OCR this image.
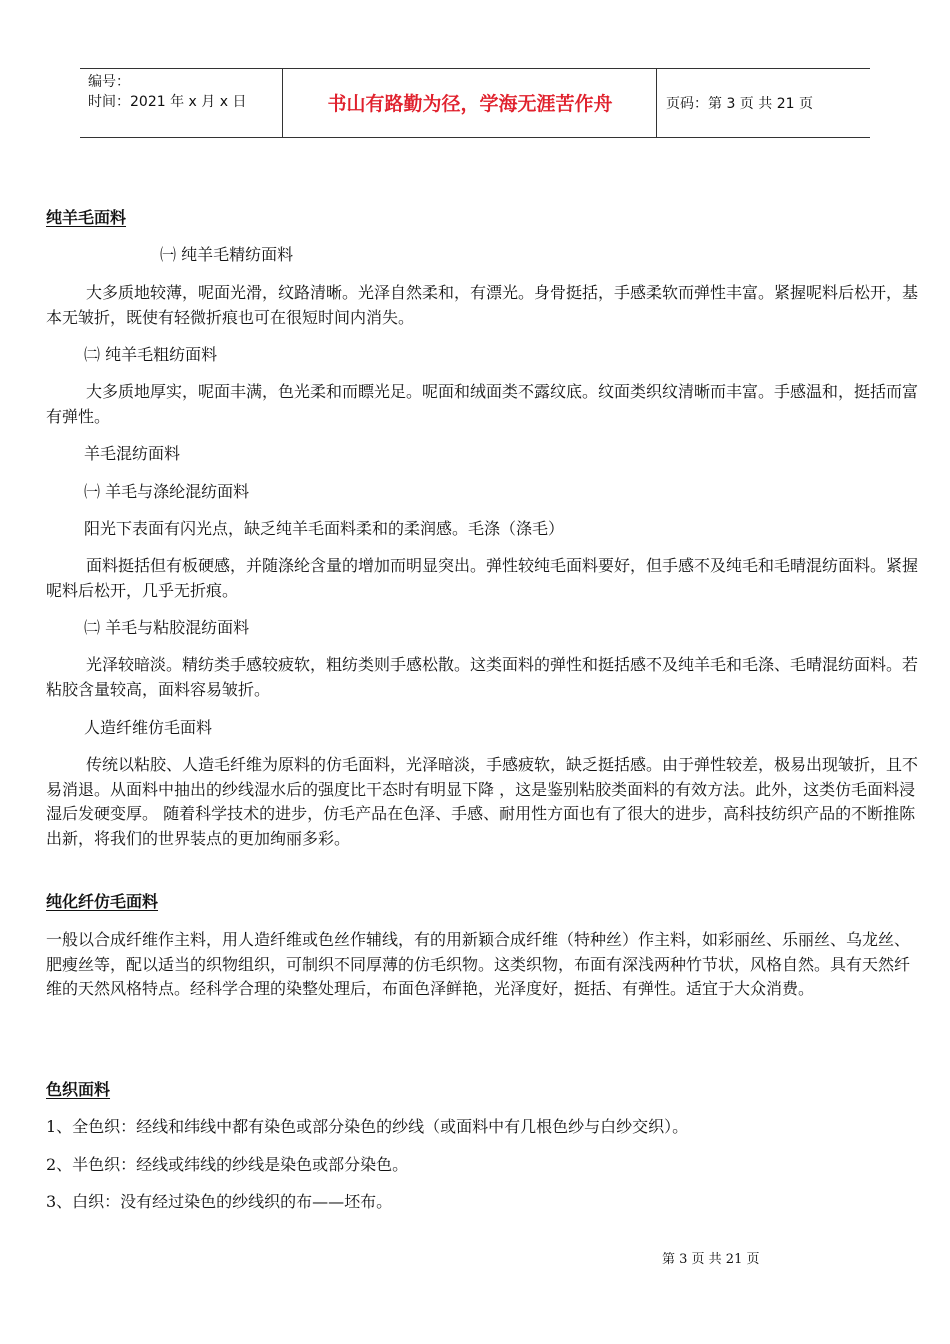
编号：
时间：2021 年 x 月 x 日	书山有路勤为径，学海无涯苦作舟	页码：第 3 页 共 21 页
纯羊毛面料
㈠ 纯羊毛精纺面料
大多质地较薄，呢面光滑，纹路清晰。光泽自然柔和，有漂光。身骨挺括，手感柔软而弹性丰富。紧握呢料后松开，基本无皱折，既使有轻微折痕也可在很短时间内消失。
㈡ 纯羊毛粗纺面料
大多质地厚实，呢面丰满，色光柔和而瞟光足。呢面和绒面类不露纹底。纹面类织纹清晰而丰富。手感温和，挺括而富有弹性。
羊毛混纺面料
㈠ 羊毛与涤纶混纺面料
阳光下表面有闪光点，缺乏纯羊毛面料柔和的柔润感。毛涤（涤毛）
面料挺括但有板硬感，并随涤纶含量的增加而明显突出。弹性较纯毛面料要好，但手感不及纯毛和毛晴混纺面料。紧握呢料后松开，几乎无折痕。
㈡ 羊毛与粘胶混纺面料
光泽较暗淡。精纺类手感较疲软，粗纺类则手感松散。这类面料的弹性和挺括感不及纯羊毛和毛涤、毛晴混纺面料。若粘胶含量较高，面料容易皱折。
人造纤维仿毛面料
传统以粘胶、人造毛纤维为原料的仿毛面料，光泽暗淡，手感疲软，缺乏挺括感。由于弹性较差，极易出现皱折，且不易消退。从面料中抽出的纱线湿水后的强度比干态时有明显下降 ，这是鉴别粘胶类面料的有效方法。此外，这类仿毛面料浸湿后发硬变厚。 随着科学技术的进步，仿毛产品在色泽、手感、耐用性方面也有了很大的进步，高科技纺织产品的不断推陈出新，将我们的世界装点的更加绚丽多彩。
纯化纤仿毛面料
一般以合成纤维作主料，用人造纤维或色丝作辅线，有的用新颖合成纤维（特种丝）作主料，如彩丽丝、乐丽丝、乌龙丝、肥瘦丝等，配以适当的织物组织，可制织不同厚薄的仿毛织物。这类织物，布面有深浅两种竹节状，风格自然。具有天然纤维的天然风格特点。经科学合理的染整处理后，布面色泽鲜艳，光泽度好，挺括、有弹性。适宜于大众消费。
色织面料
1、全色织：经线和纬线中都有染色或部分染色的纱线（或面料中有几根色纱与白纱交织）。
2、半色织：经线或纬线的纱线是染色或部分染色。
3、白织：没有经过染色的纱线织的布——坯布。
第 3 页 共 21 页
